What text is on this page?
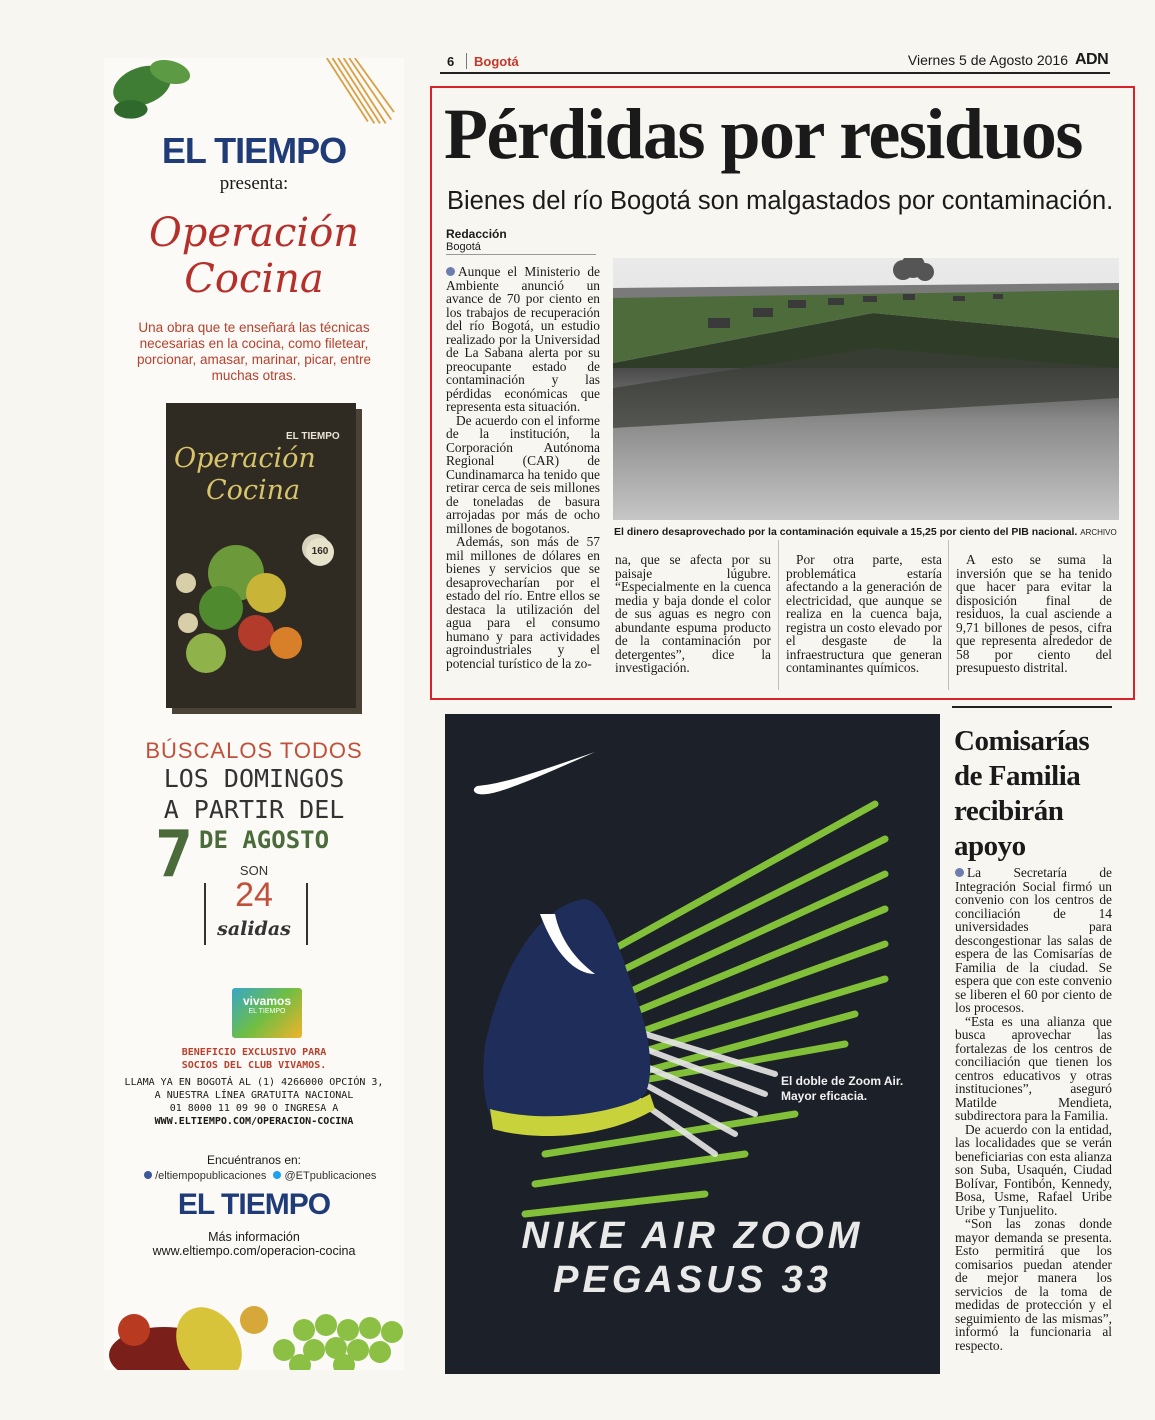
6 Bogotá	Viernes 5 de Agosto 2016 ADN
EL TIEMPO
presenta:
Operación
Cocina
Una obra que te enseñará las técnicas necesarias en la cocina, como filetear, porcionar, amasar, marinar, picar, entre muchas otras.
EL TIEMPO
Operación
Cocina
160
BÚSCALOS TODOS
LOS DOMINGOS
A PARTIR DEL
7 DE AGOSTO
SON
24
salidas
vivamos
EL TIEMPO
BENEFICIO EXCLUSIVO PARA
SOCIOS DEL CLUB VIVAMOS.
LLAMA YA EN BOGOTÁ AL (1) 4266000 OPCIÓN 3,
A NUESTRA LÍNEA GRATUITA NACIONAL
01 8000 11 09 90 O INGRESA A
WWW.ELTIEMPO.COM/OPERACION-COCINA
Encuéntranos en:
/eltiempopublicaciones @ETpublicaciones
EL TIEMPO
Más información
www.eltiempo.com/operacion-cocina
Pérdidas por residuos
Bienes del río Bogotá son malgastados por contaminación.
Redacción
Bogotá

Aunque el Ministerio de Ambiente anunció un avance de 70 por ciento en los trabajos de recuperación del río Bogotá, un estudio realizado por la Universidad de La Sabana alerta por su preocupante estado de contaminación y las pérdidas económicas que representa esta situación.

De acuerdo con el informe de la institución, la Corporación Autónoma Regional (CAR) de Cundinamarca ha tenido que retirar cerca de seis millones de toneladas de basura arrojadas por más de ocho millones de bogotanos.

Además, son más de 57 mil millones de dólares en bienes y servicios que se desaprovecharían por el estado del río. Entre ellos se destaca la utilización del agua para el consumo humano y para actividades agroindustriales y el potencial turístico de la zo-

El dinero desaprovechado por la contaminación equivale a 15,25 por ciento del PIB nacional. ARCHIVO

na, que se afecta por su paisaje lúgubre. “Especialmente en la cuenca media y baja donde el color de sus aguas es negro con abundante espuma producto de la contaminación por detergentes”, dice la investigación.

Por otra parte, esta problemática estaría afectando a la generación de electricidad, que aunque se realiza en la cuenca baja, registra un costo elevado por el desgaste de la infraestructura que generan contaminantes químicos.

A esto se suma la inversión que se ha tenido que hacer para evitar la disposición final de residuos, la cual asciende a 9,71 billones de pesos, cifra que representa alrededor de 58 por ciento del presupuesto distrital.

El doble de Zoom Air.
Mayor eficacia.
NIKE AIR ZOOM
PEGASUS 33
Comisarías de Familia recibirán apoyo

La Secretaría de Integración Social firmó un convenio con los centros de conciliación de 14 universidades para descongestionar las salas de espera de las Comisarías de Familia de la ciudad. Se espera que con este convenio se liberen el 60 por ciento de los procesos.

“Esta es una alianza que busca aprovechar las fortalezas de los centros de conciliación que tienen los centros educativos y otras instituciones”, aseguró Matilde Mendieta, subdirectora para la Familia.

De acuerdo con la entidad, las localidades que se verán beneficiarias con esta alianza son Suba, Usaquén, Ciudad Bolívar, Fontibón, Kennedy, Bosa, Usme, Rafael Uribe Uribe y Tunjuelito.

“Son las zonas donde mayor demanda se presenta. Esto permitirá que los comisarios puedan atender de mejor manera los servicios de la toma de medidas de protección y el seguimiento de las mismas”, informó la funcionaria al respecto.
